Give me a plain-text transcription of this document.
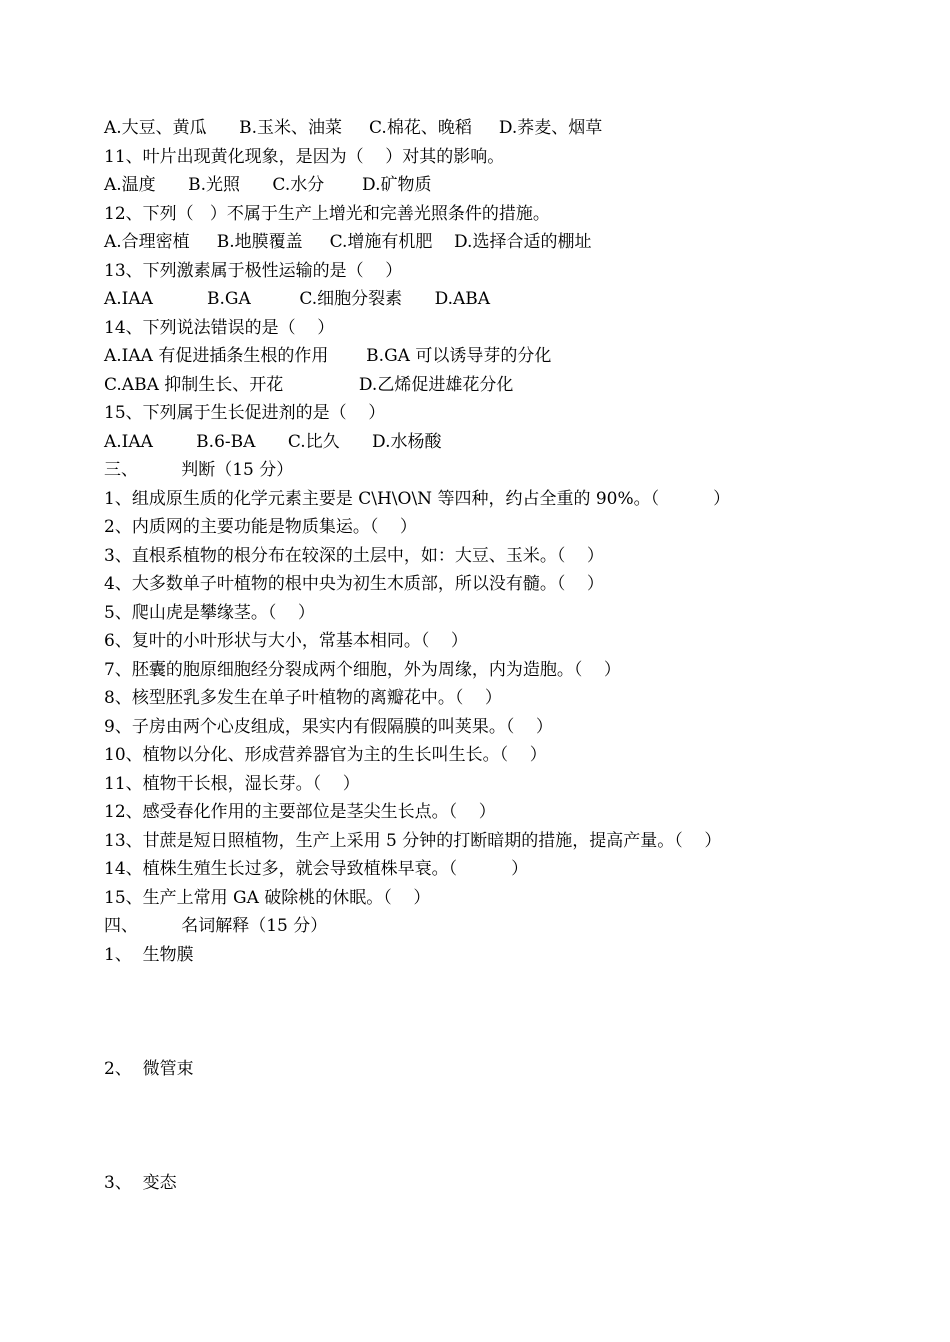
A.大豆、黄瓜      B.玉米、油菜     C.棉花、晚稻     D.荞麦、烟草
11、叶片出现黄化现象，是因为（    ）对其的影响。
A.温度      B.光照      C.水分       D.矿物质
12、下列（   ）不属于生产上增光和完善光照条件的措施。
A.合理密植     B.地膜覆盖     C.增施有机肥    D.选择合适的棚址
13、下列激素属于极性运输的是（    ）
A.IAA          B.GA         C.细胞分裂素      D.ABA
14、下列说法错误的是（    ）
A.IAA 有促进插条生根的作用       B.GA 可以诱导芽的分化
C.ABA 抑制生长、开花              D.乙烯促进雄花分化
15、下列属于生长促进剂的是（    ）
A.IAA        B.6-BA      C.比久      D.水杨酸
三、        判断（15 分）
1、组成原生质的化学元素主要是 C\H\O\N 等四种，约占全重的 90%。（          ）
2、内质网的主要功能是物质集运。（    ）
3、直根系植物的根分布在较深的土层中，如：大豆、玉米。（    ）
4、大多数单子叶植物的根中央为初生木质部，所以没有髓。（    ）
5、爬山虎是攀缘茎。（    ）
6、复叶的小叶形状与大小，常基本相同。（    ）
7、胚囊的胞原细胞经分裂成两个细胞，外为周缘，内为造胞。（    ）
8、核型胚乳多发生在单子叶植物的离瓣花中。（    ）
9、子房由两个心皮组成，果实内有假隔膜的叫荚果。（    ）
10、植物以分化、形成营养器官为主的生长叫生长。（    ）
11、植物干长根，湿长芽。（    ）
12、感受春化作用的主要部位是茎尖生长点。（    ）
13、甘蔗是短日照植物，生产上采用 5 分钟的打断暗期的措施，提高产量。（    ）
14、植株生殖生长过多，就会导致植株早衰。（          ）
15、生产上常用 GA 破除桃的休眠。（    ）
四、        名词解释（15 分）
1、  生物膜
2、  微管束
3、  变态
